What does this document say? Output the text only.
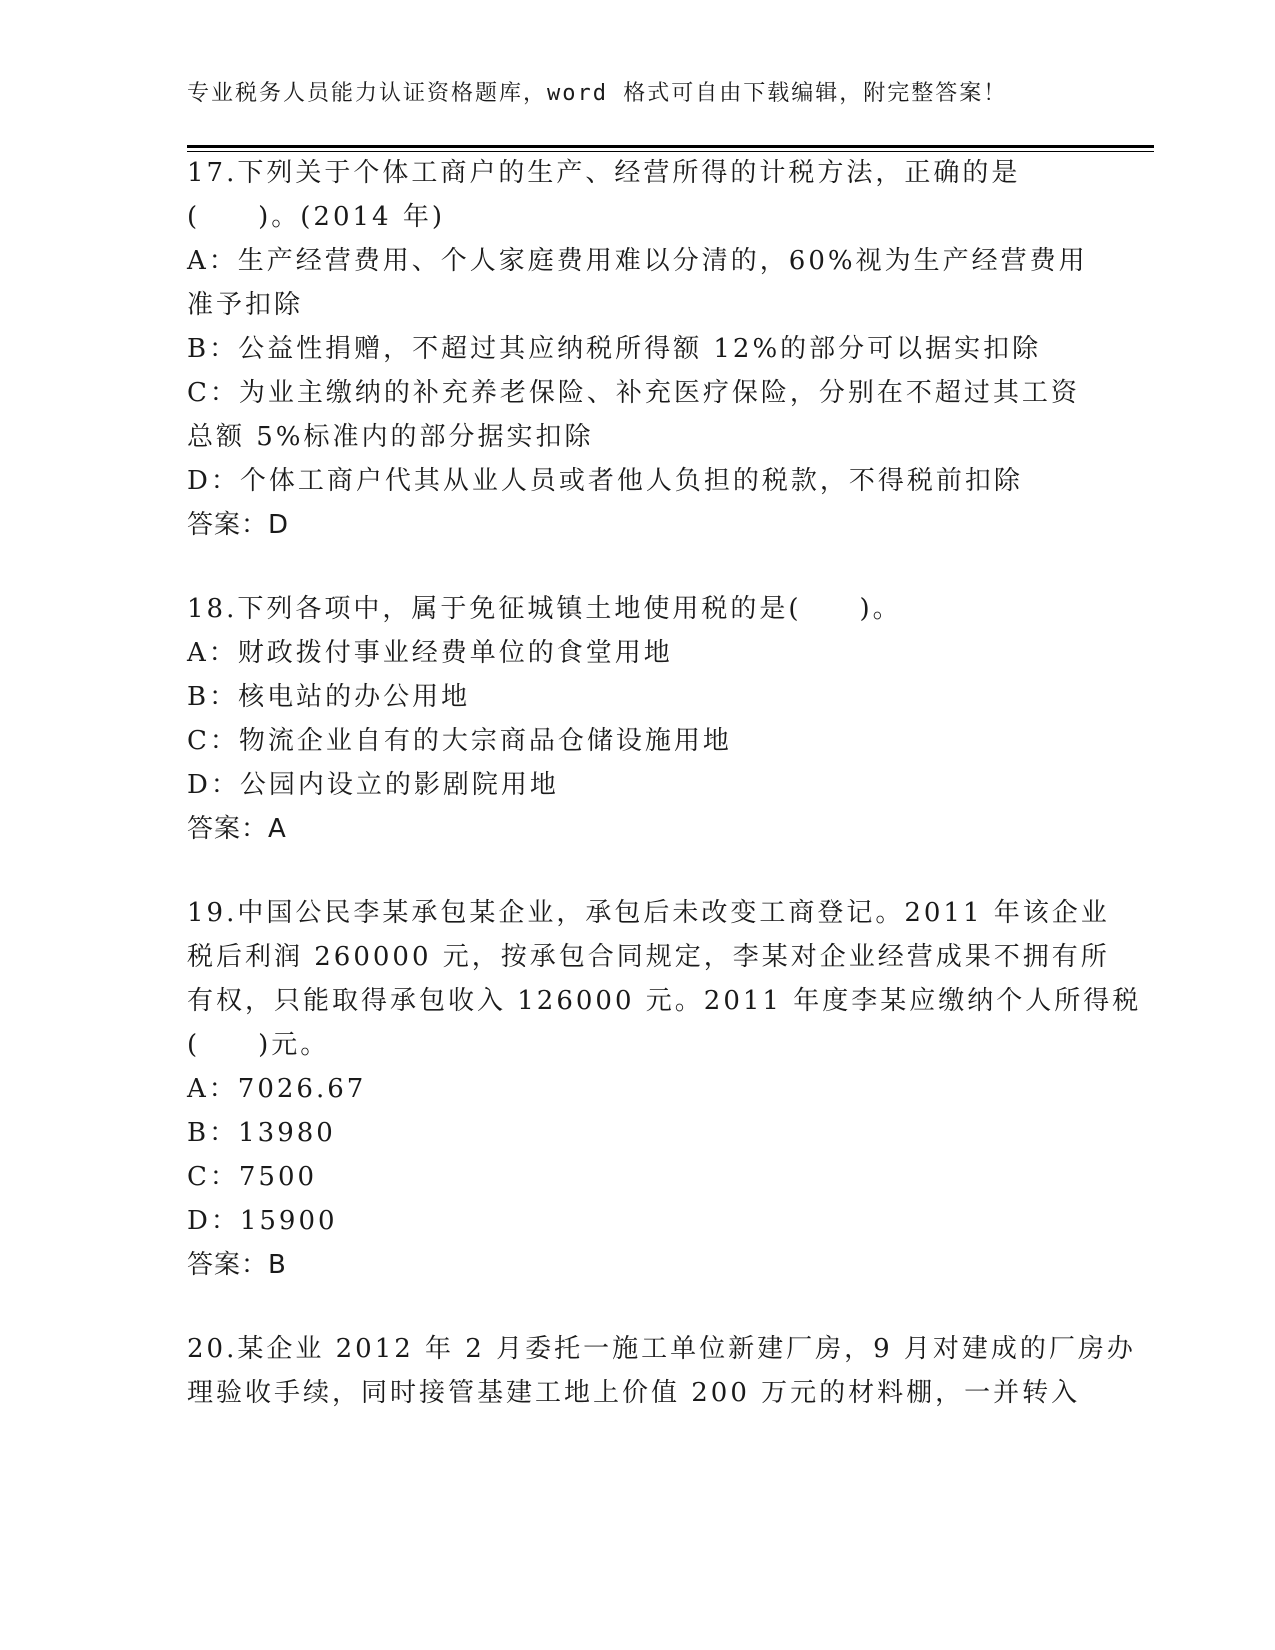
专业税务人员能力认证资格题库，word 格式可自由下载编辑，附完整答案！
17.下列关于个体工商户的生产、经营所得的计税方法，正确的是
(　　)。(2014 年)
A：生产经营费用、个人家庭费用难以分清的，60%视为生产经营费用
准予扣除
B：公益性捐赠，不超过其应纳税所得额 12%的部分可以据实扣除
C：为业主缴纳的补充养老保险、补充医疗保险，分别在不超过其工资
总额 5%标准内的部分据实扣除
D：个体工商户代其从业人员或者他人负担的税款，不得税前扣除
答案：D
18.下列各项中，属于免征城镇土地使用税的是(　　)。
A：财政拨付事业经费单位的食堂用地
B：核电站的办公用地
C：物流企业自有的大宗商品仓储设施用地
D：公园内设立的影剧院用地
答案：A
19.中国公民李某承包某企业，承包后未改变工商登记。2011 年该企业
税后利润 260000 元，按承包合同规定，李某对企业经营成果不拥有所
有权，只能取得承包收入 126000 元。2011 年度李某应缴纳个人所得税
(　　)元。
A：7026.67
B：13980
C：7500
D：15900
答案：B
20.某企业 2012 年 2 月委托一施工单位新建厂房，9 月对建成的厂房办
理验收手续，同时接管基建工地上价值 200 万元的材料棚，一并转入
